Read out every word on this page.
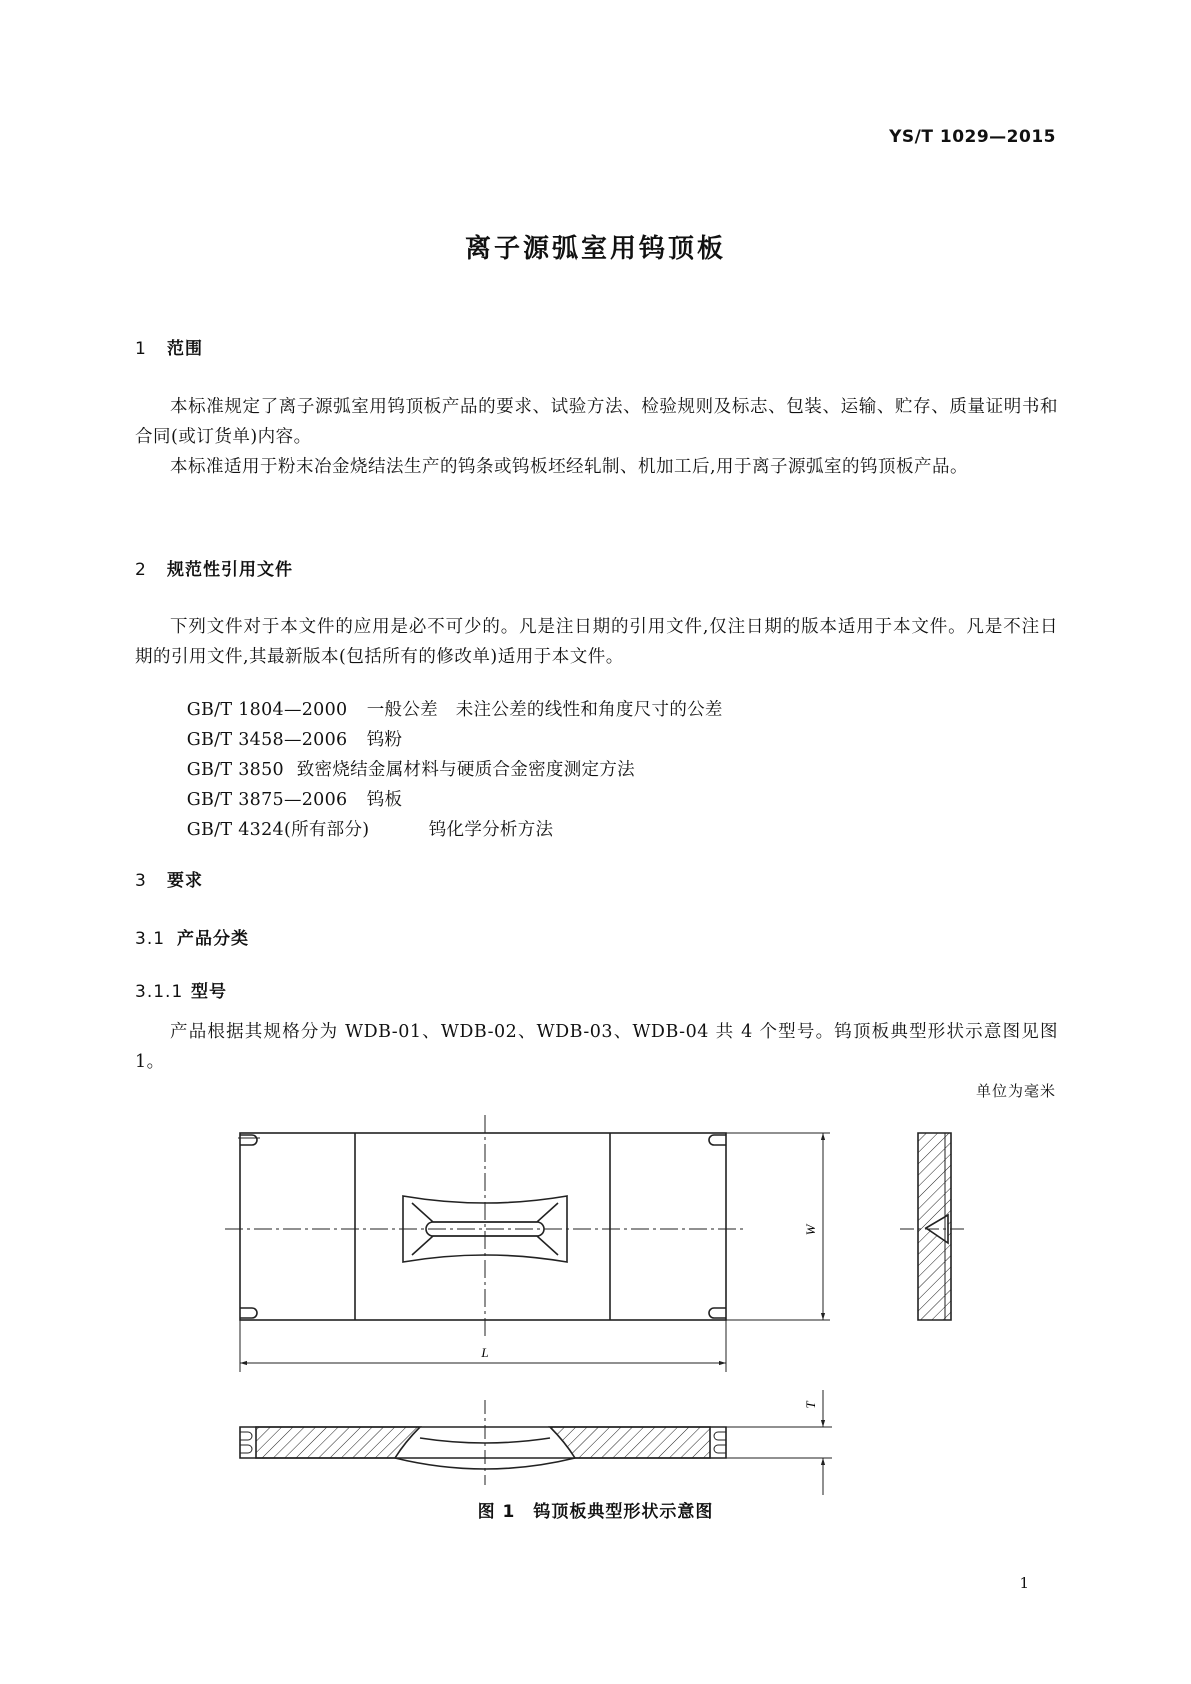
YS/T 1029—2015
离子源弧室用钨顶板
1 范围
本标准规定了离子源弧室用钨顶板产品的要求、试验方法、检验规则及标志、包装、运输、贮存、质量证明书和合同(或订货单)内容。
本标准适用于粉末冶金烧结法生产的钨条或钨板坯经轧制、机加工后,用于离子源弧室的钨顶板产品。
2 规范性引用文件
下列文件对于本文件的应用是必不可少的。凡是注日期的引用文件,仅注日期的版本适用于本文件。凡是不注日期的引用文件,其最新版本(包括所有的修改单)适用于本文件。

GB/T 1804—2000 一般公差　未注公差的线性和角度尺寸的公差

GB/T 3458—2006 钨粉

GB/T 3850 致密烧结金属材料与硬质合金密度测定方法

GB/T 3875—2006 钨板

GB/T 4324(所有部分)	钨化学分析方法

3 要求
3.1 产品分类
3.1.1 型号
产品根据其规格分为 WDB-01、WDB-02、WDB-03、WDB-04 共 4 个型号。钨顶板典型形状示意图见图 1。
单位为毫米
W
L
T
图 1　钨顶板典型形状示意图
1
